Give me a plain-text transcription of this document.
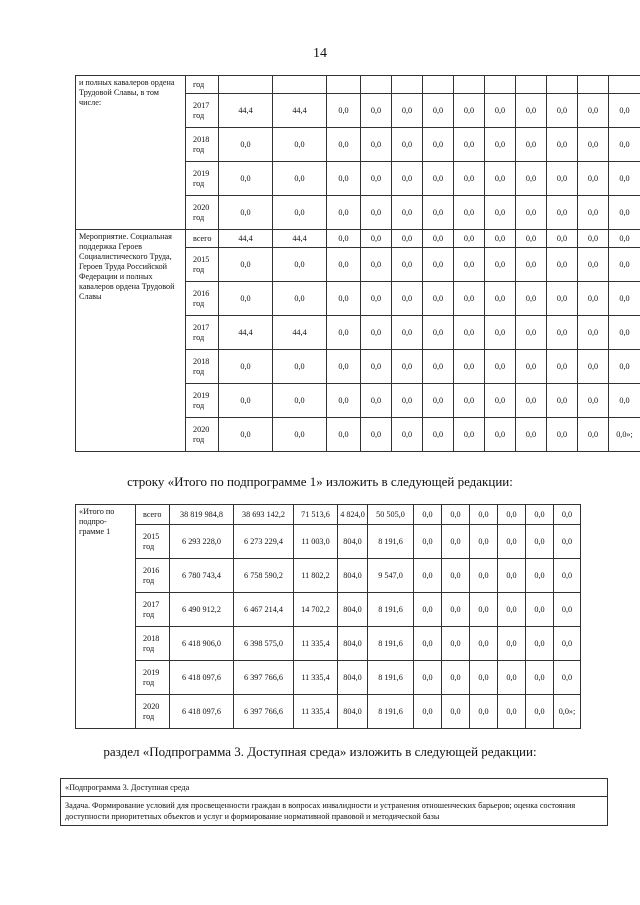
14
и полных кавалеров ордена Трудовой Славы, в том числе:	год												
	2017 год	44,4	44,4	0,0	0,0	0,0	0,0	0,0	0,0	0,0	0,0	0,0	0,0
	2018 год	0,0	0,0	0,0	0,0	0,0	0,0	0,0	0,0	0,0	0,0	0,0	0,0
	2019 год	0,0	0,0	0,0	0,0	0,0	0,0	0,0	0,0	0,0	0,0	0,0	0,0
	2020 год	0,0	0,0	0,0	0,0	0,0	0,0	0,0	0,0	0,0	0,0	0,0	0,0
Мероприятие. Социальная поддержка Героев Социалистического Труда, Героев Труда Российской Федерации и полных кавалеров ордена Трудовой Славы	всего	44,4	44,4	0,0	0,0	0,0	0,0	0,0	0,0	0,0	0,0	0,0	0,0
	2015 год	0,0	0,0	0,0	0,0	0,0	0,0	0,0	0,0	0,0	0,0	0,0	0,0
	2016 год	0,0	0,0	0,0	0,0	0,0	0,0	0,0	0,0	0,0	0,0	0,0	0,0
	2017 год	44,4	44,4	0,0	0,0	0,0	0,0	0,0	0,0	0,0	0,0	0,0	0,0
	2018 год	0,0	0,0	0,0	0,0	0,0	0,0	0,0	0,0	0,0	0,0	0,0	0,0
	2019 год	0,0	0,0	0,0	0,0	0,0	0,0	0,0	0,0	0,0	0,0	0,0	0,0
	2020 год	0,0	0,0	0,0	0,0	0,0	0,0	0,0	0,0	0,0	0,0	0,0	0,0»;
строку «Итого по подпрограмме 1» изложить в следующей редакции:
«Итого по подпро- грамме 1	всего	38 819 984,8	38 693 142,2	71 513,6	4 824,0	50 505,0	0,0	0,0	0,0	0,0	0,0	0,0
	2015 год	6 293 228,0	6 273 229,4	11 003,0	804,0	8 191,6	0,0	0,0	0,0	0,0	0,0	0,0
	2016 год	6 780 743,4	6 758 590,2	11 802,2	804,0	9 547,0	0,0	0,0	0,0	0,0	0,0	0,0
	2017 год	6 490 912,2	6 467 214,4	14 702,2	804,0	8 191,6	0,0	0,0	0,0	0,0	0,0	0,0
	2018 год	6 418 906,0	6 398 575,0	11 335,4	804,0	8 191,6	0,0	0,0	0,0	0,0	0,0	0,0
	2019 год	6 418 097,6	6 397 766,6	11 335,4	804,0	8 191,6	0,0	0,0	0,0	0,0	0,0	0,0
	2020 год	6 418 097,6	6 397 766,6	11 335,4	804,0	8 191,6	0,0	0,0	0,0	0,0	0,0	0,0»;
раздел «Подпрограмма 3. Доступная среда» изложить в следующей редакции:
«Подпрограмма 3. Доступная среда
Задача. Формирование условий для просвещенности граждан в вопросах инвалидности и устранения отношенческих барьеров; оценка состояния доступности приоритетных объектов и услуг и формирование нормативной правовой и методической базы
